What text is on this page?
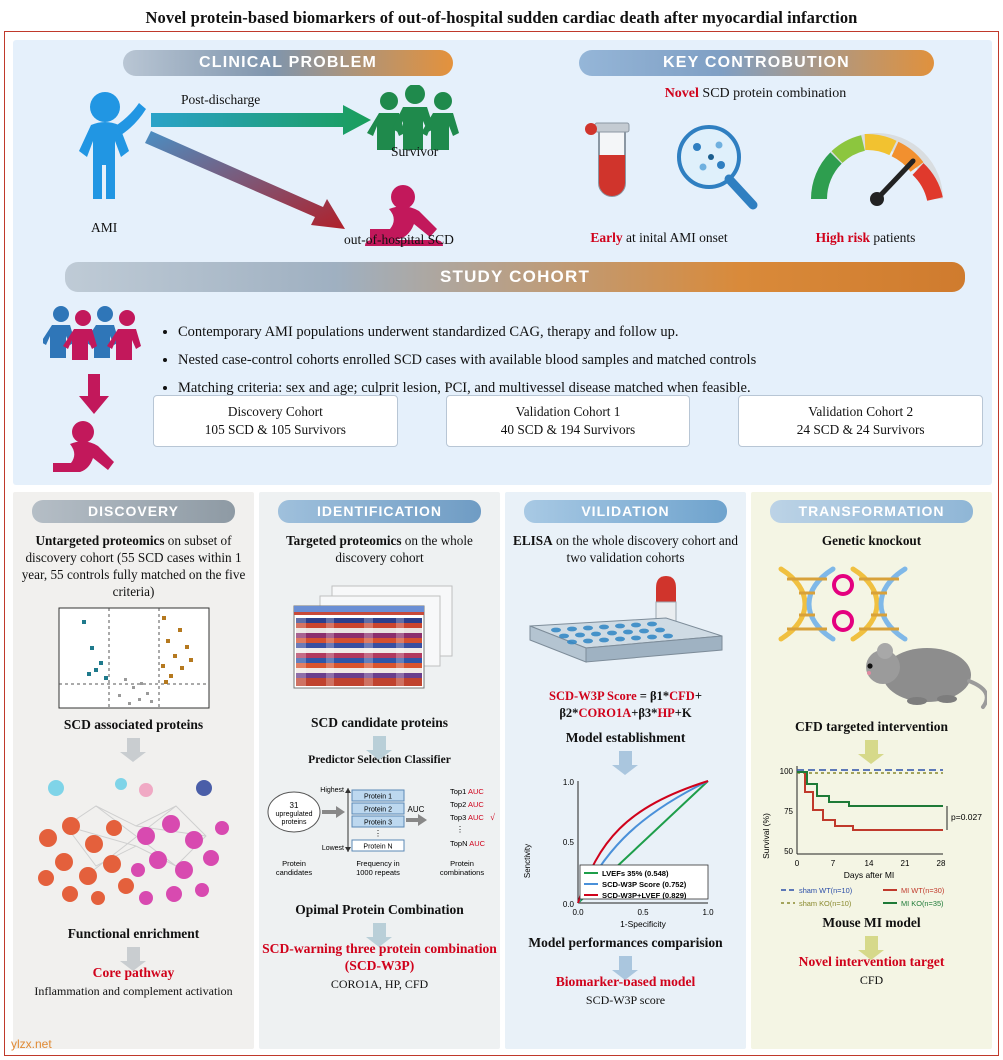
Novel protein-based biomarkers of out-of-hospital sudden cardiac death after myocardial infarction
CLINICAL PROBLEM
Post-discharge
AMI
Survivor
out-of-hospital SCD
KEY CONTROBUTION
Novel SCD protein combination
Early at inital AMI onset	High risk patients
STUDY COHORT
• Contemporary AMI populations underwent standardized CAG, therapy and follow up.
• Nested case-control cohorts enrolled SCD cases with available blood samples and matched controls
• Matching criteria: sex and age; culprit lesion, PCI, and multivessel disease matched when feasible.
Discovery Cohort
105 SCD & 105 Survivors
Validation Cohort 1
40 SCD & 194 Survivors
Validation Cohort 2
24 SCD & 24 Survivors
DISCOVERY
Untargeted proteomics on subset of discovery cohort (55 SCD cases within 1 year, 55 controls fully matched on the five criteria)
SCD associated proteins
Functional enrichment
Core pathway
Inflammation and complement activation
IDENTIFICATION
Targeted proteomics on the whole discovery cohort
SCD candidate proteins
Predictor Selection Classifier
31
upregulated
proteins
Protein 1
Protein 2
Protein 3
⋮
Protein N
Highest
Lowest
AUC
Top1 AUC
Top2 AUC
Top3 AUC √
⋮
TopN AUC
Protein
candidates
Frequency in
1000 repeats
Protein
combinations
Opimal Protein Combination
SCD-warning three protein combination (SCD-W3P)
CORO1A, HP, CFD
VILIDATION
ELISA on the whole discovery cohort and two validation cohorts
SCD-W3P Score = β1*CFD+
β2*CORO1A+β3*HP+K
Model establishment
Senctivity
1.0
0.5
0.0
0.0	0.5	1.0
1-Specificity
LVEFs 35% (0.548)
SCD-W3P Score (0.752)
SCD-W3P+LVEF (0.829)
Model performances comparision
Biomarker-based model
SCD-W3P score
TRANSFORMATION
Genetic knockout
CFD targeted intervention
Survival (%)
100
75
50
0	7	14	21	28
Days after MI
p=0.027
sham WT(n=10)
sham KO(n=10)
MI WT(n=30)
MI KO(n=35)
Mouse MI model
Novel intervention target
CFD
ylzx.net
